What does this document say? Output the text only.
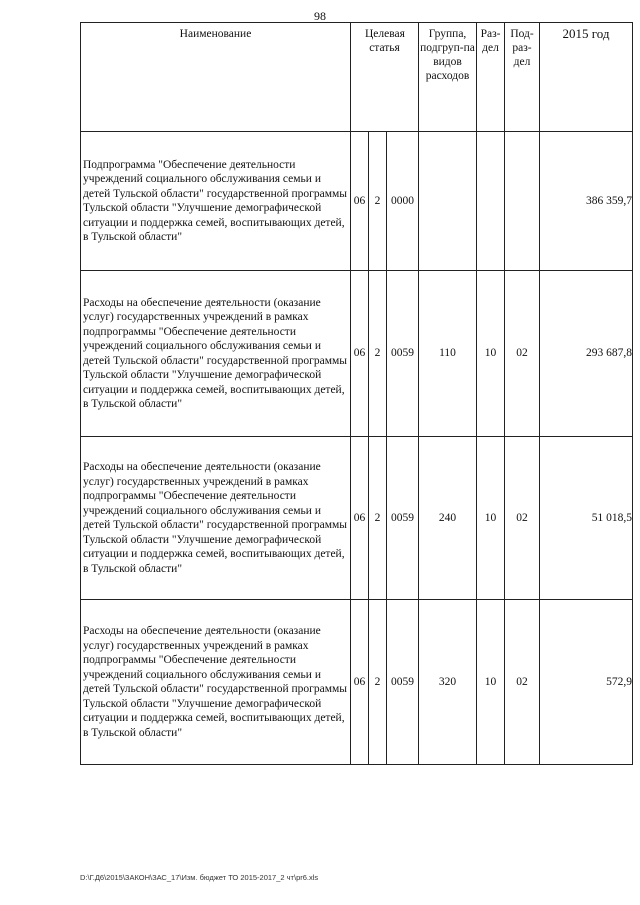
98
Наименование	Целевая статья			Группа, подгруп-па видов расходов	Раз-дел	Под-раз-дел	2015 год
Подпрограмма "Обеспечение деятельности учреждений социального обслуживания семьи и детей Тульской области" государственной программы Тульской области "Улучшение демографической ситуации и поддержка семей, воспитывающих детей, в Тульской области"	06	2	0000				386 359,7
Расходы на обеспечение деятельности (оказание услуг) государственных учреждений в рамках подпрограммы "Обеспечение деятельности учреждений социального обслуживания семьи и детей Тульской области" государственной программы Тульской области "Улучшение демографической ситуации и поддержка семей, воспитывающих детей, в Тульской области"	06	2	0059	110	10	02	293 687,8
Расходы на обеспечение деятельности (оказание услуг) государственных учреждений в рамках подпрограммы "Обеспечение деятельности учреждений социального обслуживания семьи и детей Тульской области" государственной программы Тульской области "Улучшение демографической ситуации и поддержка семей, воспитывающих детей, в Тульской области"	06	2	0059	240	10	02	51 018,5
Расходы на обеспечение деятельности (оказание услуг) государственных учреждений в рамках подпрограммы "Обеспечение деятельности учреждений социального обслуживания семьи и детей Тульской области" государственной программы Тульской области "Улучшение демографической ситуации и поддержка семей, воспитывающих детей, в Тульской области"	06	2	0059	320	10	02	572,9
D:\Г.Д6\2015\ЗАКОН\ЗАС_17\Изм. бюджет ТО 2015-2017_2 чт\pr6.xls
